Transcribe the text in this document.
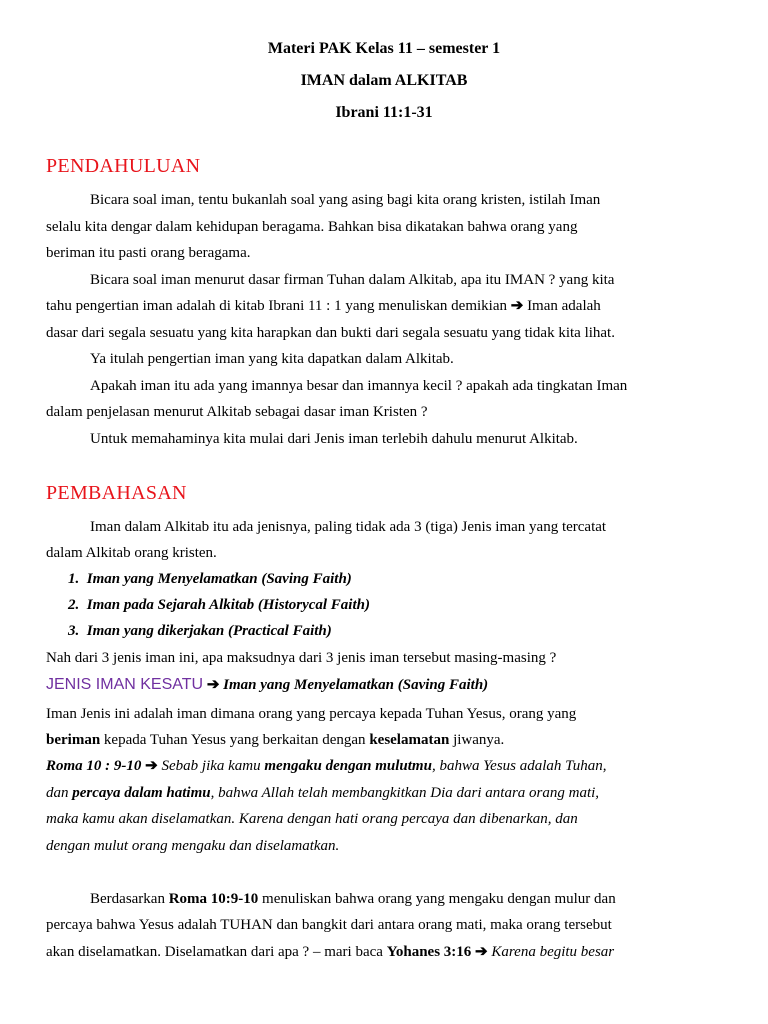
Materi PAK Kelas 11 – semester 1
IMAN dalam ALKITAB
Ibrani 11:1-31
PENDAHULUAN
Bicara soal iman, tentu bukanlah soal yang asing bagi kita orang kristen, istilah Iman
selalu kita dengar dalam kehidupan beragama. Bahkan bisa dikatakan bahwa orang yang
beriman itu pasti orang beragama.
Bicara soal iman menurut dasar firman Tuhan dalam Alkitab, apa itu IMAN ? yang kita
tahu pengertian iman adalah di kitab Ibrani 11 : 1 yang menuliskan demikian ➔ Iman adalah
dasar dari segala sesuatu yang kita harapkan dan bukti dari segala sesuatu yang tidak kita lihat.
Ya itulah pengertian iman yang kita dapatkan dalam Alkitab.
Apakah iman itu ada yang imannya besar dan imannya kecil ? apakah ada tingkatan Iman
dalam penjelasan menurut Alkitab sebagai dasar iman Kristen ?
Untuk memahaminya kita mulai dari Jenis iman terlebih dahulu menurut Alkitab.
PEMBAHASAN
Iman dalam Alkitab itu ada jenisnya, paling tidak ada 3 (tiga) Jenis iman yang tercatat
dalam Alkitab orang kristen.
1. Iman yang Menyelamatkan (Saving Faith)
2. Iman pada Sejarah Alkitab (Historycal Faith)
3. Iman yang dikerjakan (Practical Faith)
Nah dari 3 jenis iman ini, apa maksudnya dari 3 jenis iman tersebut masing-masing ?
JENIS IMAN KESATU ➔ Iman yang Menyelamatkan (Saving Faith)
Iman Jenis ini adalah iman dimana orang yang percaya kepada Tuhan Yesus, orang yang
beriman kepada Tuhan Yesus yang berkaitan dengan keselamatan jiwanya.
Roma 10 : 9-10 ➔ Sebab jika kamu mengaku dengan mulutmu, bahwa Yesus adalah Tuhan,
dan percaya dalam hatimu, bahwa Allah telah membangkitkan Dia dari antara orang mati,
maka kamu akan diselamatkan. Karena dengan hati orang percaya dan dibenarkan, dan
dengan mulut orang mengaku dan diselamatkan.
Berdasarkan Roma 10:9-10 menuliskan bahwa orang yang mengaku dengan mulur dan
percaya bahwa Yesus adalah TUHAN dan bangkit dari antara orang mati, maka orang tersebut
akan diselamatkan. Diselamatkan dari apa ? – mari baca Yohanes 3:16 ➔ Karena begitu besar
